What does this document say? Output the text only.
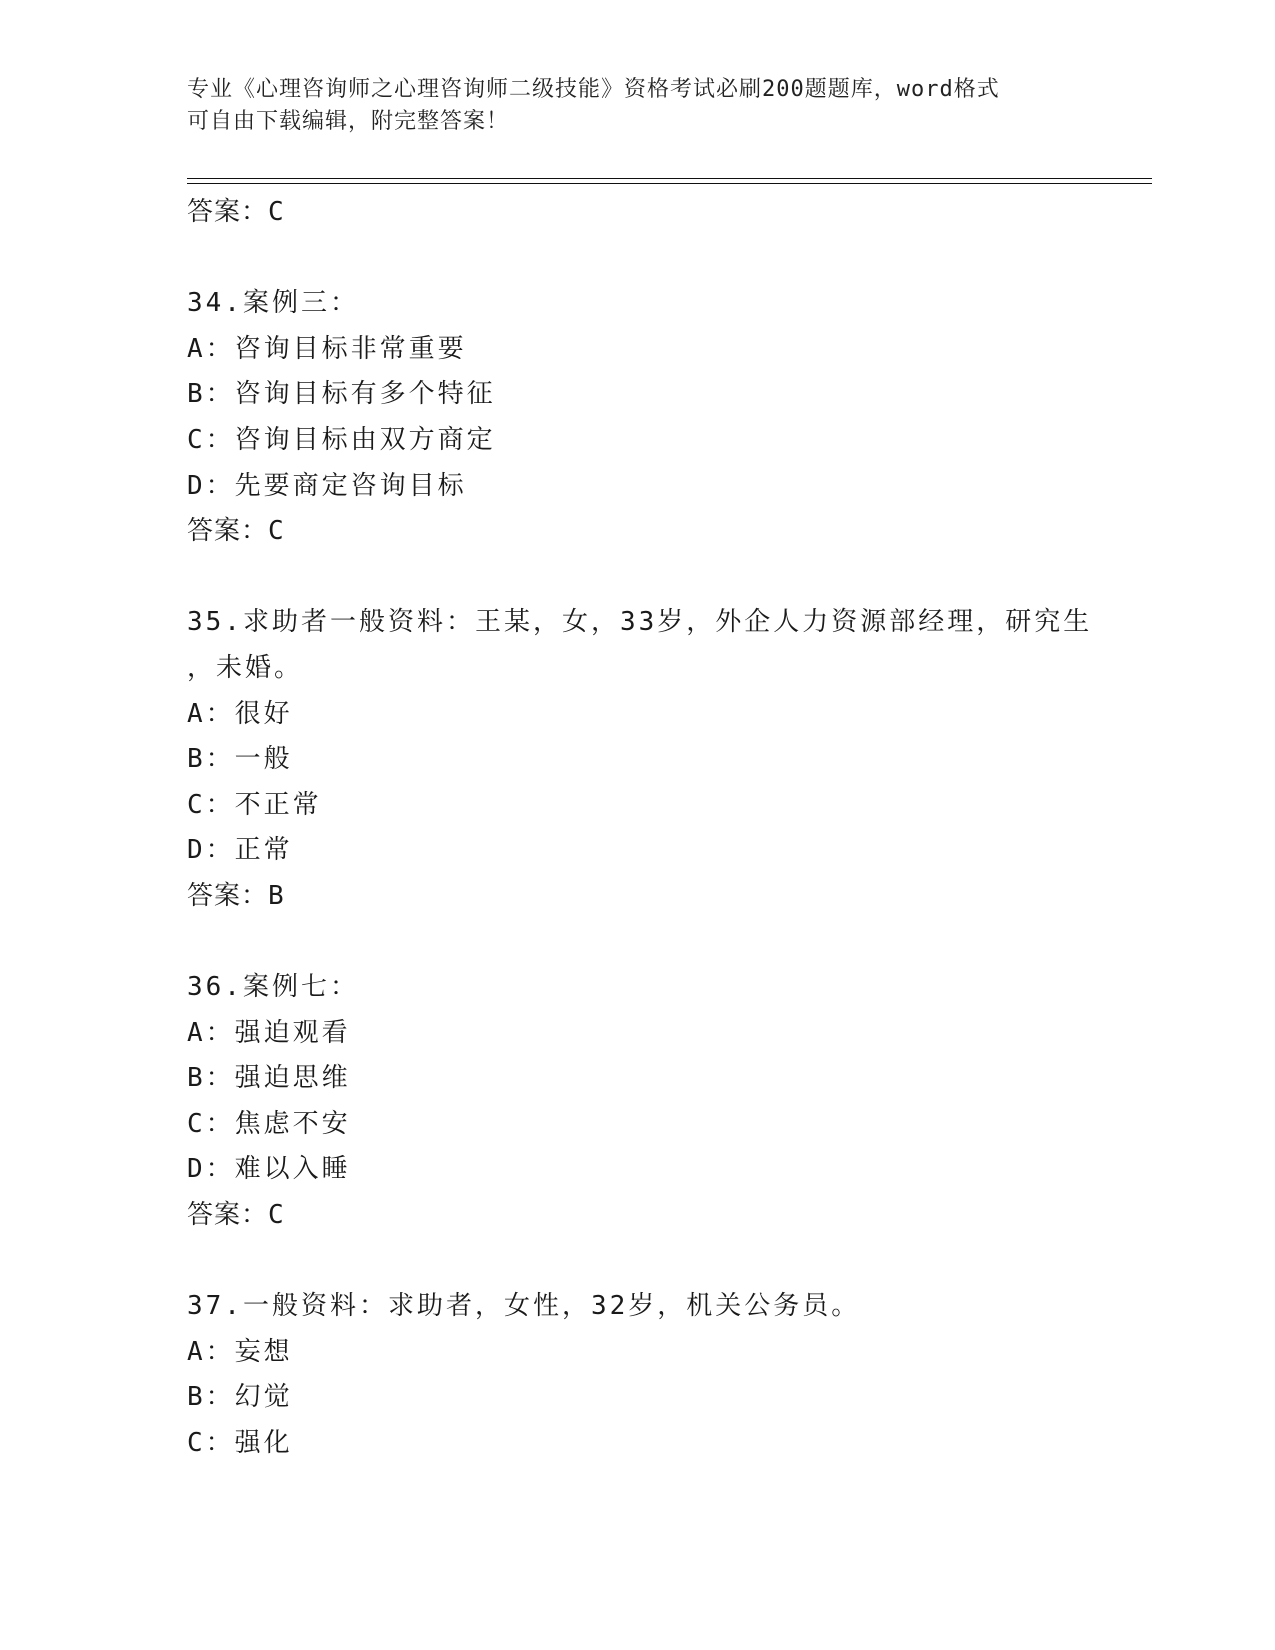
专业《心理咨询师之心理咨询师二级技能》资格考试必刷200题题库，word格式
可自由下载编辑，附完整答案！
答案：C
34.案例三：
A：咨询目标非常重要
B：咨询目标有多个特征
C：咨询目标由双方商定
D：先要商定咨询目标
答案：C
35.求助者一般资料：王某，女，33岁，外企人力资源部经理，研究生
，未婚。
A：很好
B：一般
C：不正常
D：正常
答案：B
36.案例七：
A：强迫观看
B：强迫思维
C：焦虑不安
D：难以入睡
答案：C
37.一般资料：求助者，女性，32岁，机关公务员。
A：妄想
B：幻觉
C：强化
